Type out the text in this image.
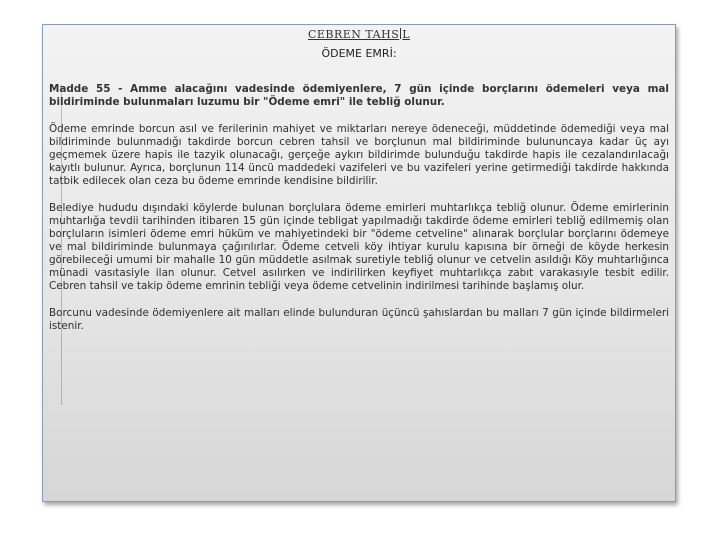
CEBREN TAHS L
ÖDEME EMRİ:

Madde 55 - Amme alacağını vadesinde ödemiyenlere, 7 gün içinde borçlarını ödemeleri veya mal bildiriminde bulunmaları luzumu bir "Ödeme emri" ile tebliğ olunur.

Ödeme emrinde borcun asıl ve ferilerinin mahiyet ve miktarları nereye ödeneceği, müddetinde ödemediği veya mal bildiriminde bulunmadığı takdirde borcun cebren tahsil ve borçlunun mal bildiriminde bulununcaya kadar üç ayı geçmemek üzere hapis ile tazyik olunacağı, gerçeğe aykırı bildirimde bulunduğu takdirde hapis ile cezalandırılacağı kayıtlı bulunur. Ayrıca, borçlunun 114 üncü maddedeki vazifeleri ve bu vazifeleri yerine getirmediği takdirde hakkında tatbik edilecek olan ceza bu ödeme emrinde kendisine bildirilir.

Belediye hududu dışındaki köylerde bulunan borçlulara ödeme emirleri muhtarlıkça tebliğ olunur. Ödeme emirlerinin muhtarlığa tevdii tarihinden itibaren 15 gün içinde tebligat yapılmadığı takdirde ödeme emirleri tebliğ edilmemiş olan borçluların isimleri ödeme emri hüküm ve mahiyetindeki bir "ödeme cetveline" alınarak borçlular borçlarını ödemeye ve mal bildiriminde bulunmaya çağırılırlar. Ödeme cetveli köy ihtiyar kurulu kapısına bir örneği de köyde herkesin görebileceği umumi bir mahalle 10 gün müddetle asılmak suretiyle tebliğ olunur ve cetvelin asıldığı Köy muhtarlığınca münadi vasıtasiyle ilan olunur. Cetvel asılırken ve indirilirken keyfiyet muhtarlıkça zabıt varakasıyle tesbit edilir. Cebren tahsil ve takip ödeme emrinin tebliği veya ödeme cetvelinin indirilmesi tarihinde başlamış olur.

Borcunu vadesinde ödemiyenlere ait malları elinde bulunduran üçüncü şahıslardan bu malları 7 gün içinde bildirmeleri istenir.
